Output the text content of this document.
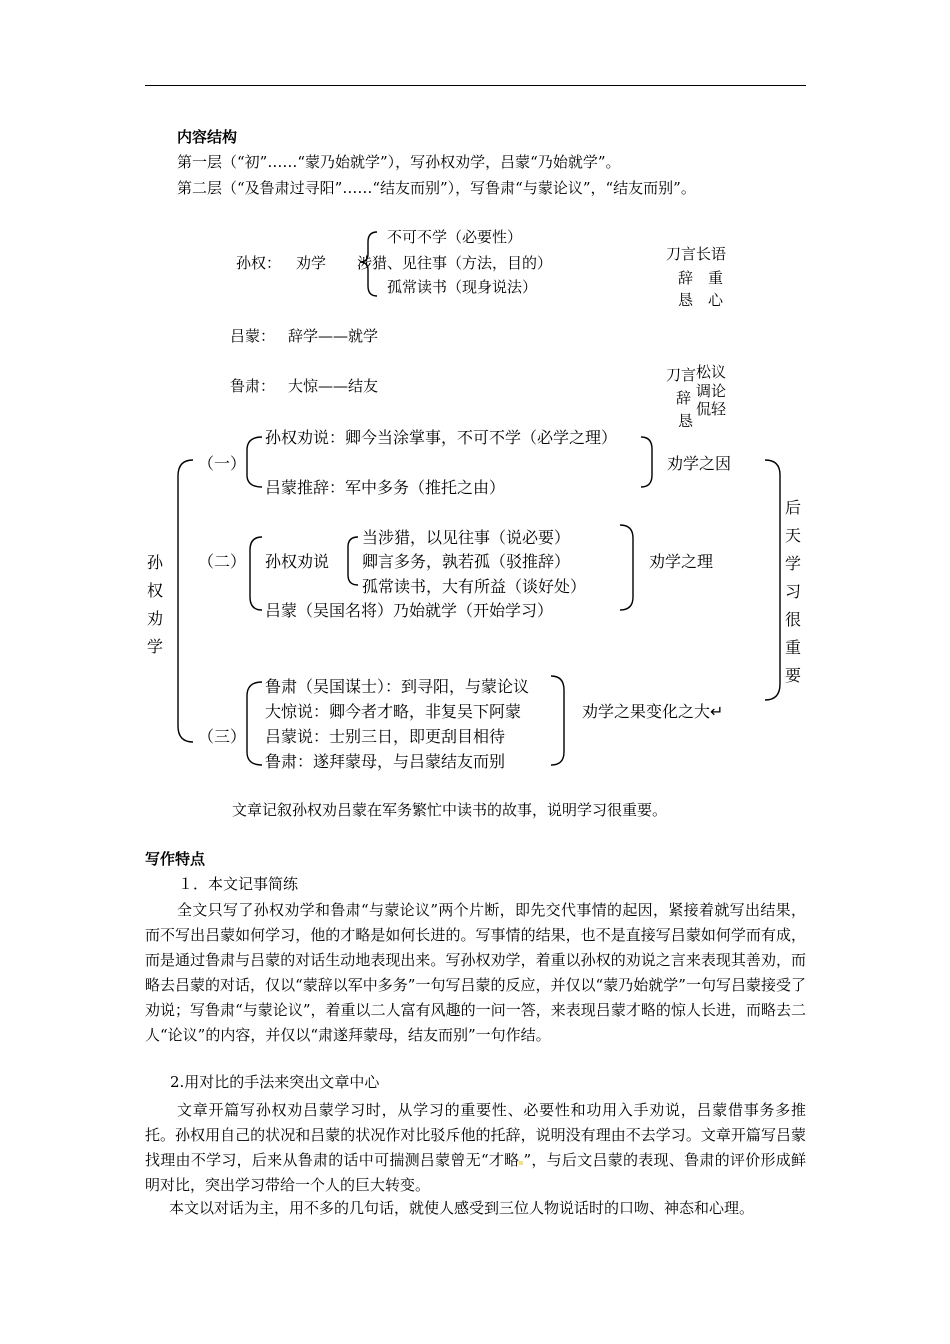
内容结构
第一层（“初”……“蒙乃始就学”），写孙权劝学，吕蒙“乃始就学”。
第二层（“及鲁肃过寻阳”……“结友而别”），写鲁肃“与蒙论议”，“结友而别”。
孙权： 劝学
不可不学（必要性）
涉猎、见往事（方法，目的）
孤常读书（现身说法）
刀言长语
辞　重
恳　心
吕蒙： 辞学——就学
鲁肃： 大惊——结友
刀言
辞
恳
松议
调论
侃轻
孙权劝学
后天学习很重要
（一）
孙权劝说：卿今当涂掌事，不可不学（必学之理）
吕蒙推辞：军中多务（推托之由）
劝学之因
（二） 孙权劝说
当涉猎，以见往事（说必要）
卿言多务，孰若孤（驳推辞）
孤常读书，大有所益（谈好处）
吕蒙（吴国名将）乃始就学（开始学习）
劝学之理
（三）
鲁肃（吴国谋士）：到寻阳，与蒙论议
大惊说：卿今者才略，非复吴下阿蒙
吕蒙说：士别三日，即更刮目相待
鲁肃：遂拜蒙母，与吕蒙结友而别
劝学之果变化之大↵
文章记叙孙权劝吕蒙在军务繁忙中读书的故事，说明学习很重要。
写作特点
１．本文记事简练
全文只写了孙权劝学和鲁肃“与蒙论议”两个片断，即先交代事情的起因，紧接着就写出结果，而不写出吕蒙如何学习，他的才略是如何长进的。写事情的结果，也不是直接写吕蒙如何学而有成，而是通过鲁肃与吕蒙的对话生动地表现出来。写孙权劝学，着重以孙权的劝说之言来表现其善劝，而略去吕蒙的对话，仅以“蒙辞以军中多务”一句写吕蒙的反应，并仅以“蒙乃始就学”一句写吕蒙接受了劝说；写鲁肃“与蒙论议”，着重以二人富有风趣的一问一答，来表现吕蒙才略的惊人长进，而略去二人“论议”的内容，并仅以“肃遂拜蒙母，结友而别”一句作结。
2.用对比的手法来突出文章中心
文章开篇写孙权劝吕蒙学习时，从学习的重要性、必要性和功用入手劝说，吕蒙借事务多推托。孙权用自己的状况和吕蒙的状况作对比驳斥他的托辞，说明没有理由不去学习。文章开篇写吕蒙找理由不学习，后来从鲁肃的话中可揣测吕蒙曾无“才略 ”，与后文吕蒙的表现、鲁肃的评价形成鲜明对比，突出学习带给一个人的巨大转变。
本文以对话为主，用不多的几句话，就使人感受到三位人物说话时的口吻、神态和心理。
